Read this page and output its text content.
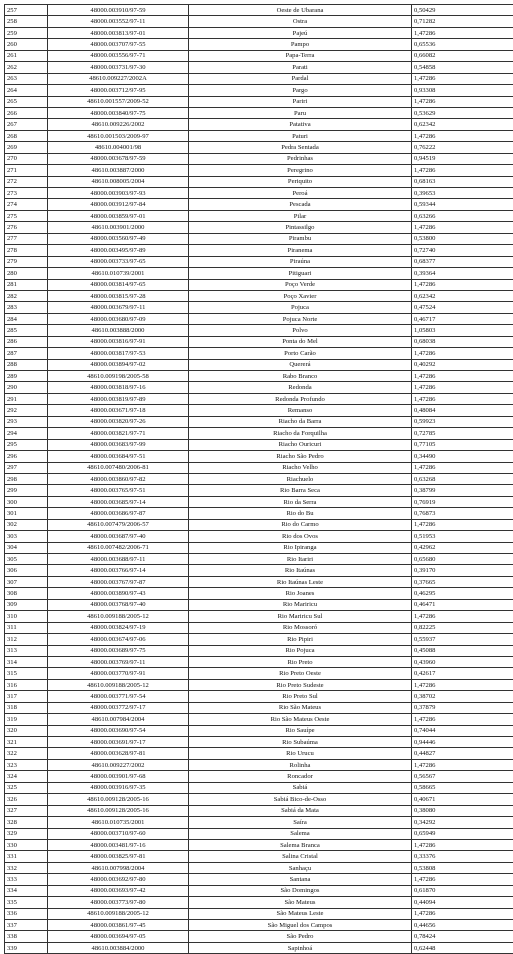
257	48000.003910/97-59	Oeste de Ubarana	0,50429
258	48000.003552/97-11	Ostra	0,71282
259	48000.003813/97-01	Pajeú	1,47286
260	48000.003707/97-55	Pampo	0,65536
261	48000.003556/97-71	Papa-Terra	0,66082
262	48000.003731/97-30	Parati	0,54858
263	48610.009227/2002A	Pardal	1,47286
264	48000.003712/97-95	Pargo	0,93308
265	48610.001557/2009-52	Pariri	1,47286
266	48000.003840/97-75	Paru	0,53629
267	48610.009226/2002	Patativa	0,62342
268	48610.001503/2009-97	Paturi	1,47286
269	48610.004001/98	Pedra Sentada	0,76222
270	48000.003678/97-59	Pedrinhas	0,94519
271	48610.003887/2000	Peregrino	1,47286
272	48610.008005/2004	Periquito	0,68163
273	48000.003903/97-93	Peroá	0,39653
274	48000.003912/97-84	Pescada	0,59344
275	48000.003859/97-01	Pilar	0,63266
276	48610.003901/2000	Pintassilgo	1,47286
277	48000.003560/97-49	Pirambu	0,53800
278	48000.003495/97-89	Piranema	0,72740
279	48000.003733/97-65	Piraúna	0,68377
280	48610.010739/2001	Pitiguari	0,39364
281	48000.003814/97-65	Poço Verde	1,47286
282	48000.003815/97-28	Poço Xavier	0,62342
283	48000.003679/97-11	Pojuca	0,47524
284	48000.003680/97-09	Pojuca Norte	0,46717
285	48610.003888/2000	Polvo	1,05803
286	48000.003816/97-91	Ponta do Mel	0,68038
287	48000.003817/97-53	Porto Carão	1,47286
288	48000.003894/97-02	Quererá	0,40292
289	48610.009198/2005-58	Rabo Branco	1,47286
290	48000.003818/97-16	Redonda	1,47286
291	48000.003819/97-89	Redonda Profundo	1,47286
292	48000.003671/97-18	Remanso	0,48084
293	48000.003820/97-26	Riacho da Barra	0,59923
294	48000.003821/97-71	Riacho da Forquilha	0,72785
295	48000.003683/97-99	Riacho Ouricuri	0,77105
296	48000.003684/97-51	Riacho São Pedro	0,34490
297	48610.007480/2006-81	Riacho Velho	1,47286
298	48000.003860/97-82	Riachuelo	0,63268
299	48000.003765/97-51	Rio Barra Seca	0,38799
300	48000.003685/97-14	Rio da Serra	0,76919
301	48000.003686/97-87	Rio do Bu	0,76873
302	48610.007479/2006-57	Rio do Carmo	1,47286
303	48000.003687/97-40	Rio dos Ovos	0,51953
304	48610.007482/2006-71	Rio Ipiranga	0,42962
305	48000.003688/97-11	Rio Itariri	0,65680
306	48000.003766/97-14	Rio Itaúnas	0,39170
307	48000.003767/97-87	Rio Itaúnas Leste	0,37665
308	48000.003890/97-43	Rio Joanes	0,46295
309	48000.003768/97-40	Rio Mariricu	0,46471
310	48610.009188/2005-12	Rio Mariricu Sul	1,47286
311	48000.003824/97-19	Rio Mossoró	0,82225
312	48000.003674/97-06	Rio Pipiri	0,55937
313	48000.003689/97-75	Rio Pojuca	0,45088
314	48000.003769/97-11	Rio Preto	0,43960
315	48000.003770/97-91	Rio Preto Oeste	0,42617
316	48610.009188/2005-12	Rio Preto Sudeste	1,47286
317	48000.003771/97-54	Rio Preto Sul	0,38702
318	48000.003772/97-17	Rio São Mateus	0,37879
319	48610.007984/2004	Rio São Mateus Oeste	1,47286
320	48000.003690/97-54	Rio Sauípe	0,74044
321	48000.003691/97-17	Rio Subaúma	0,94446
322	48000.003628/97-81	Rio Urucu	0,44827
323	48610.009227/2002	Rolinha	1,47286
324	48000.003901/97-68	Roncador	0,56567
325	48000.003916/97-35	Sabiá	0,58665
326	48610.009128/2005-16	Sabiá Bico-de-Osso	0,40671
327	48610.009128/2005-16	Sabiá da Mata	0,38080
328	48610.010735/2001	Saíra	0,34292
329	48000.003710/97-60	Salema	0,65949
330	48000.003481/97-16	Salema Branca	1,47286
331	48000.003825/97-81	Salina Cristal	0,33376
332	48610.007998/2004	Sanhaçu	0,53808
333	48000.003692/97-80	Santana	1,47286
334	48000.003693/97-42	São Domingos	0,61870
335	48000.003773/97-80	São Mateus	0,44094
336	48610.009188/2005-12	São Mateus Leste	1,47286
337	48000.003861/97-45	São Miguel dos Campos	0,44656
338	48000.003694/97-05	São Pedro	0,78424
339	48610.003884/2000	Sapinhoá	0,62448
